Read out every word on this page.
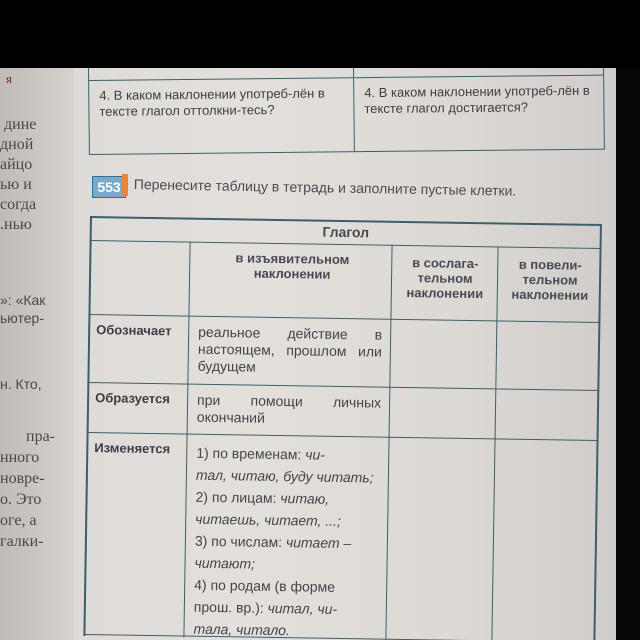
я
дине
дной
айцо
ью и
согда
.нью
»: «Как
ьютер-
н. Кто,
пра-
нного
новре-
о. Это
оге, а
галки-
4. В каком наклонении употреб-лён в тексте глагол оттолкни-тесь?
4. В каком наклонении употреб-лён в тексте глагол достигается?
553 Перенесите таблицу в тетрадь и заполните пустые клетки.
Глагол
в изъявительном наклонении
в сослага-тельном наклонении
в повели-тельном наклонении
Обозначает реальное действие в настоящем, прошлом или будущем
Образуется при помощи личных окончаний
Изменяется 1) по временам: чи-
тал, читаю, буду читать;
2) по лицам: читаю,
читаешь, читает, ...;
3) по числам: читает –
читают;
4) по родам (в форме
прош. вр.): читал, чи-
тала, читало.
